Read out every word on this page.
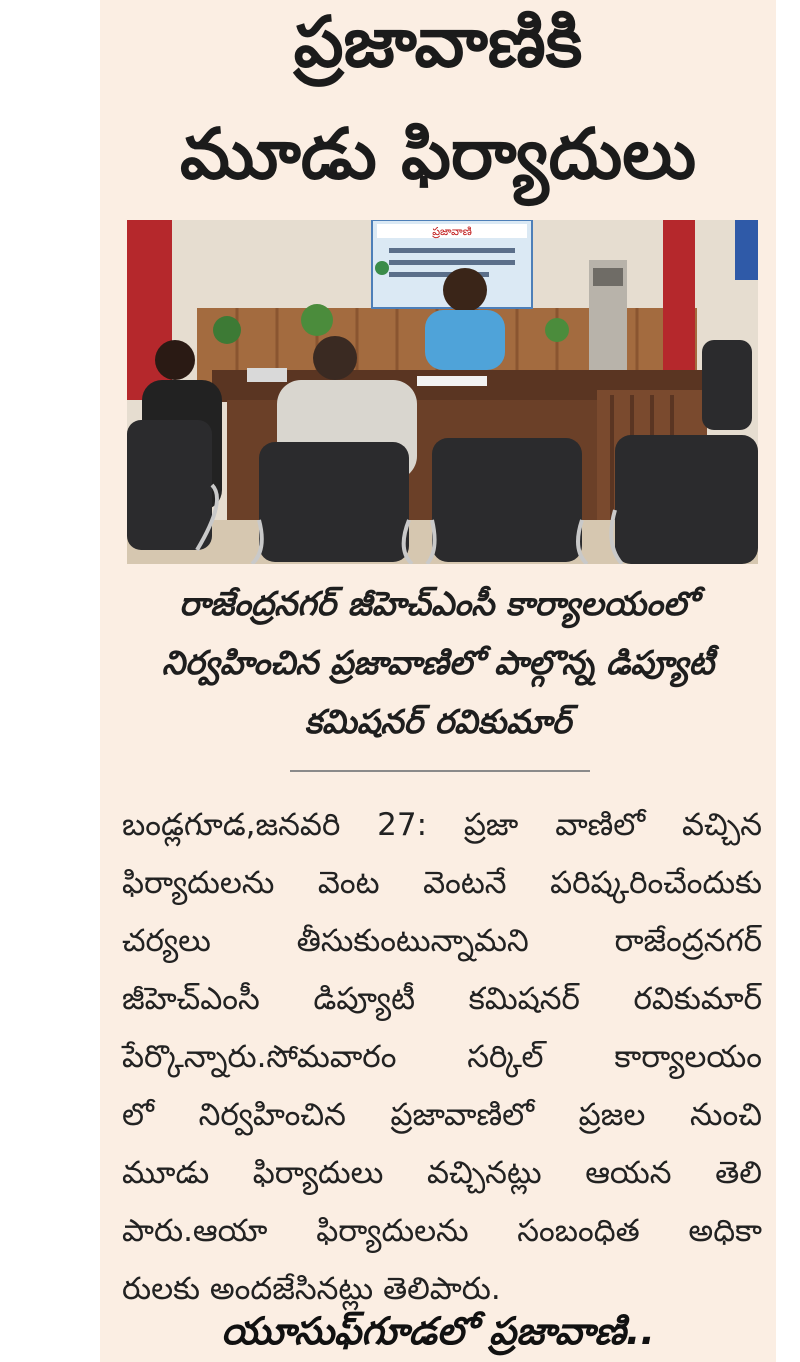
ప్రజావాణికి
మూడు ఫిర్యాదులు
ప్రజావాణి
రాజేంద్రనగర్ జీహెచ్ఎంసీ కార్యాలయంలో
నిర్వహించిన ప్రజావాణిలో పాల్గొన్న డిప్యూటీ
కమిషనర్ రవికుమార్
బండ్లగూడ,జనవరి 27: ప్రజా వాణిలో వచ్చిన
ఫిర్యాదులను వెంట వెంటనే పరిష్కరించేందుకు
చర్యలు తీసుకుంటున్నామని రాజేంద్రనగర్
జీహెచ్ఎంసీ డిప్యూటీ కమిషనర్ రవికుమార్
పేర్కొన్నారు.సోమవారం సర్కిల్ కార్యాలయం
లో నిర్వహించిన ప్రజావాణిలో ప్రజల నుంచి
మూడు ఫిర్యాదులు వచ్చినట్లు ఆయన తెలి
పారు.ఆయా ఫిర్యాదులను సంబంధిత అధికా
రులకు అందజేసినట్లు తెలిపారు.
యూసుఫ్‌గూడలో ప్రజావాణి..
